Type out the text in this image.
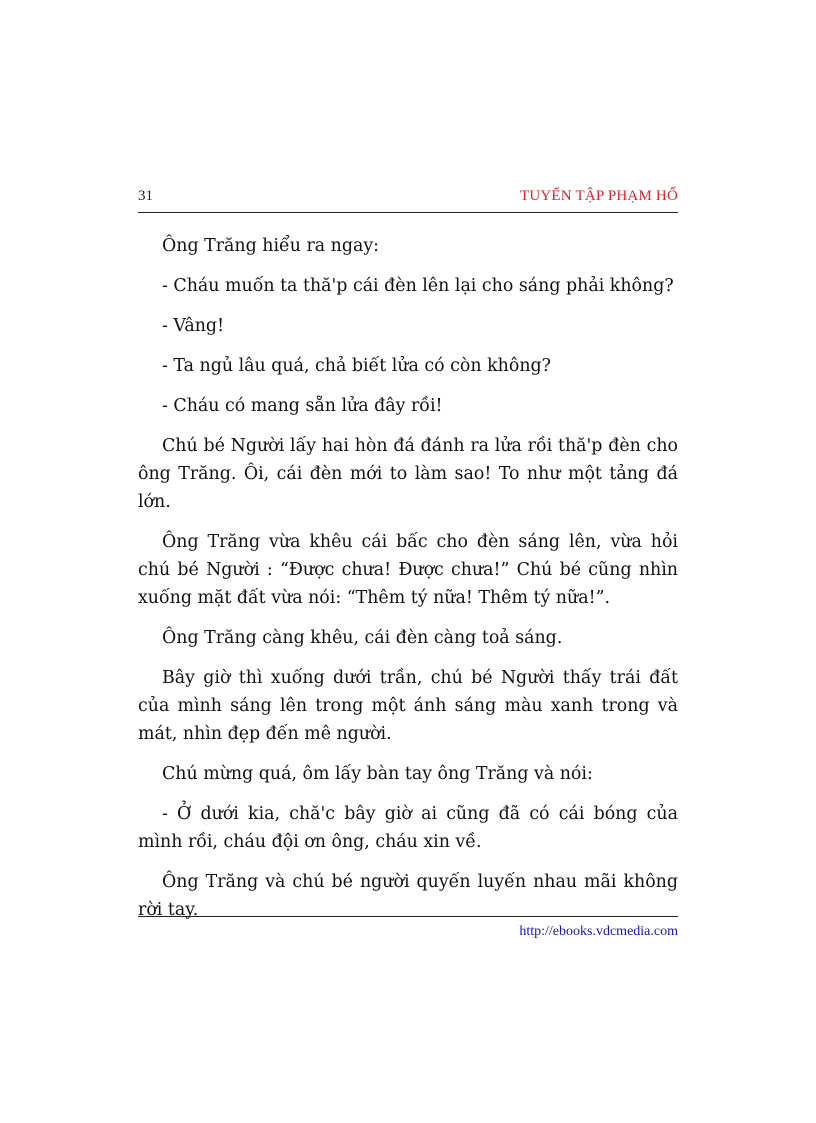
31	TUYỂN TẬP PHẠM HỔ

Ông Trăng hiểu ra ngay:

- Cháu muốn ta thă'p cái đèn lên lại cho sáng phải không?

- Vâng!

- Ta ngủ lâu quá, chả biết lửa có còn không?

- Cháu có mang sẵn lửa đây rồi!

Chú bé Người lấy hai hòn đá đánh ra lửa rồi thă'p đèn cho ông Trăng. Ôi, cái đèn mới to làm sao! To như một tảng đá lớn.

Ông Trăng vừa khêu cái bấc cho đèn sáng lên, vừa hỏi chú bé Người : “Được chưa! Được chưa!” Chú bé cũng nhìn xuống mặt đất vừa nói: “Thêm tý nữa! Thêm tý nữa!”.

Ông Trăng càng khêu, cái đèn càng toả sáng.

Bây giờ thì xuống dưới trần, chú bé Người thấy trái đất của mình sáng lên trong một ánh sáng màu xanh trong và mát, nhìn đẹp đến mê người.

Chú mừng quá, ôm lấy bàn tay ông Trăng và nói:

- Ở dưới kia, chă'c bây giờ ai cũng đã có cái bóng của mình rồi, cháu đội ơn ông, cháu xin về.

Ông Trăng và chú bé người quyến luyến nhau mãi không rời tay.

http://ebooks.vdcmedia.com
